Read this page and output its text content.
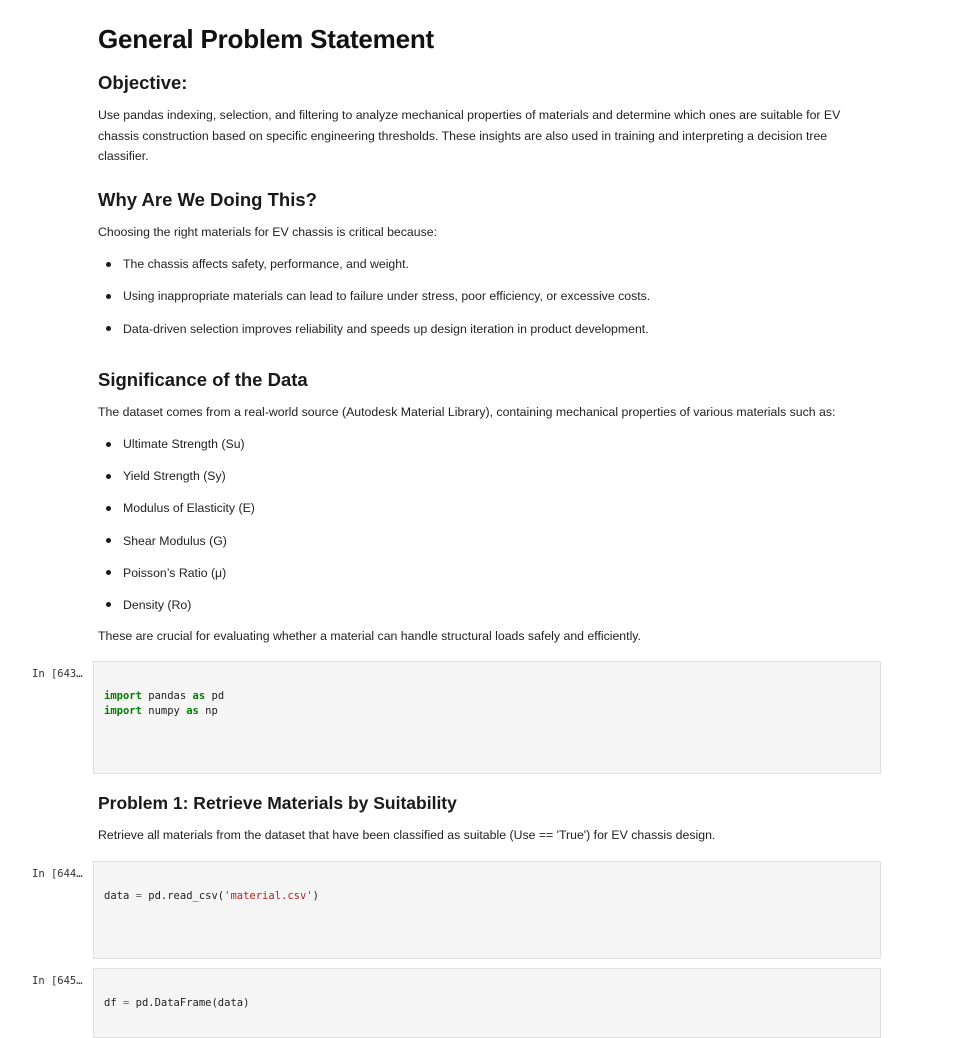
General Problem Statement
Objective:

Use pandas indexing, selection, and filtering to analyze mechanical properties of materials and determine which ones are suitable for EV chassis construction based on specific engineering thresholds. These insights are also used in training and interpreting a decision tree classifier.

Why Are We Doing This?

Choosing the right materials for EV chassis is critical because:

The chassis affects safety, performance, and weight.
Using inappropriate materials can lead to failure under stress, poor efficiency, or excessive costs.
Data-driven selection improves reliability and speeds up design iteration in product development.
Significance of the Data

The dataset comes from a real-world source (Autodesk Material Library), containing mechanical properties of various materials such as:

Ultimate Strength (Su)
Yield Strength (Sy)
Modulus of Elasticity (E)
Shear Modulus (G)
Poisson’s Ratio (μ)
Density (Ro)

These are crucial for evaluating whether a material can handle structural loads safely and efficiently.

In [643…
import pandas as pd
import numpy as np
Problem 1: Retrieve Materials by Suitability

Retrieve all materials from the dataset that have been classified as suitable (Use == 'True') for EV chassis design.

In [644…
data = pd.read_csv('material.csv')
In [645…
df = pd.DataFrame(data)
